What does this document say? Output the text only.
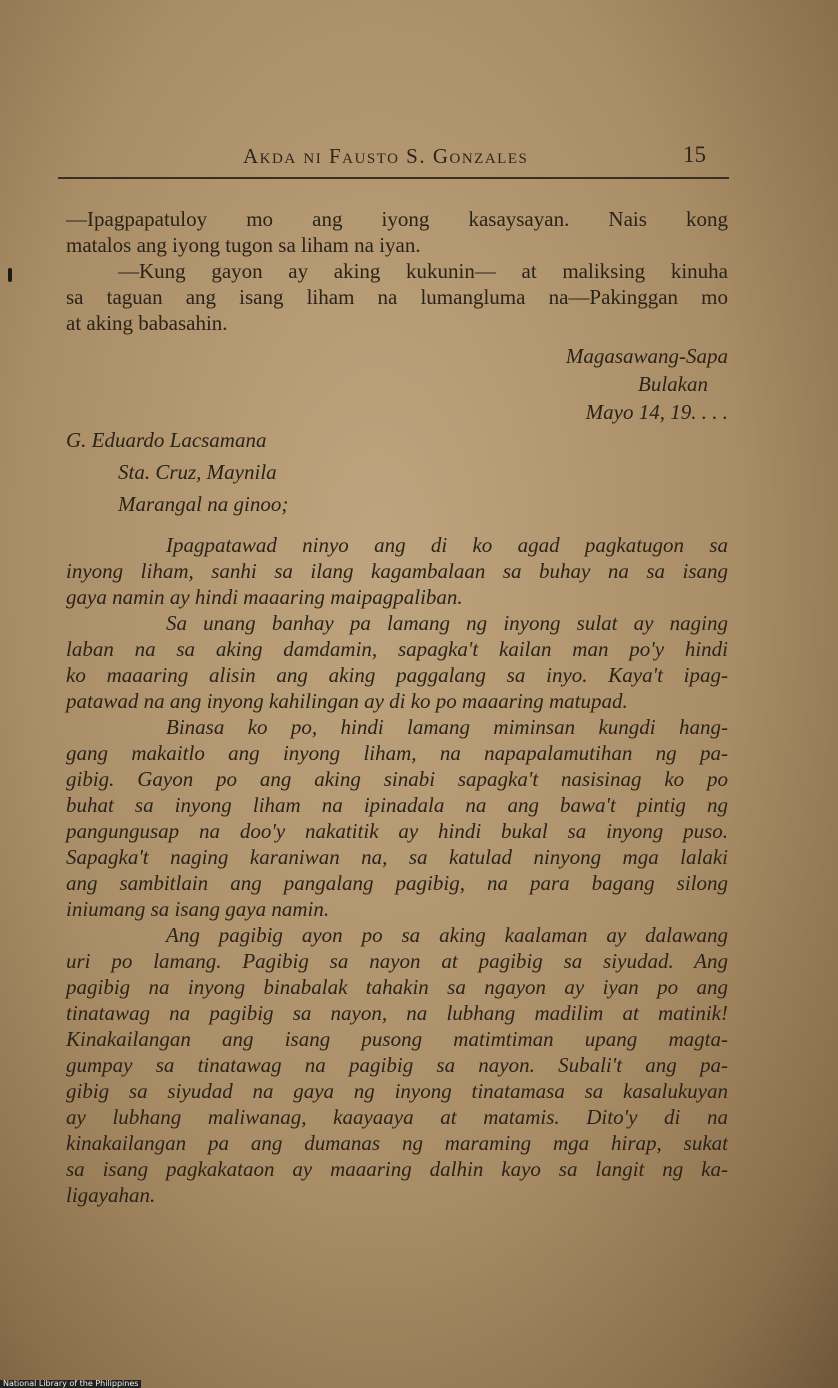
Akda ni Fausto S. Gonzales	15
—Ipagpapatuloy mo ang iyong kasaysayan. Nais kong
matalos ang iyong tugon sa liham na iyan.
—Kung gayon ay aking kukunin— at maliksing kinuha
sa taguan ang isang liham na lumangluma na—Pakinggan mo
at aking babasahin.
Magasawang-Sapa
Bulakan
Mayo 14, 19. . . .
G. Eduardo Lacsamana
Sta. Cruz, Maynila
Marangal na ginoo;
Ipagpatawad ninyo ang di ko agad pagkatugon sa
inyong liham, sanhi sa ilang kagambalaan sa buhay na sa isang
gaya namin ay hindi maaaring maipagpaliban.
Sa unang banhay pa lamang ng inyong sulat ay naging
laban na sa aking damdamin, sapagka't kailan man po'y hindi
ko maaaring alisin ang aking paggalang sa inyo. Kaya't ipag-
patawad na ang inyong kahilingan ay di ko po maaaring matupad.
Binasa ko po, hindi lamang miminsan kungdi hang-
gang makaitlo ang inyong liham, na napapalamutihan ng pa-
gibig. Gayon po ang aking sinabi sapagka't nasisinag ko po
buhat sa inyong liham na ipinadala na ang bawa't pintig ng
pangungusap na doo'y nakatitik ay hindi bukal sa inyong puso.
Sapagka't naging karaniwan na, sa katulad ninyong mga lalaki
ang sambitlain ang pangalang pagibig, na para bagang silong
iniumang sa isang gaya namin.
Ang pagibig ayon po sa aking kaalaman ay dalawang
uri po lamang. Pagibig sa nayon at pagibig sa siyudad. Ang
pagibig na inyong binabalak tahakin sa ngayon ay iyan po ang
tinatawag na pagibig sa nayon, na lubhang madilim at matinik!
Kinakailangan ang isang pusong matimtiman upang magta-
gumpay sa tinatawag na pagibig sa nayon. Subali't ang pa-
gibig sa siyudad na gaya ng inyong tinatamasa sa kasalukuyan
ay lubhang maliwanag, kaayaaya at matamis. Dito'y di na
kinakailangan pa ang dumanas ng maraming mga hirap, sukat
sa isang pagkakataon ay maaaring dalhin kayo sa langit ng ka-
ligayahan.
National Library of the Philippines
